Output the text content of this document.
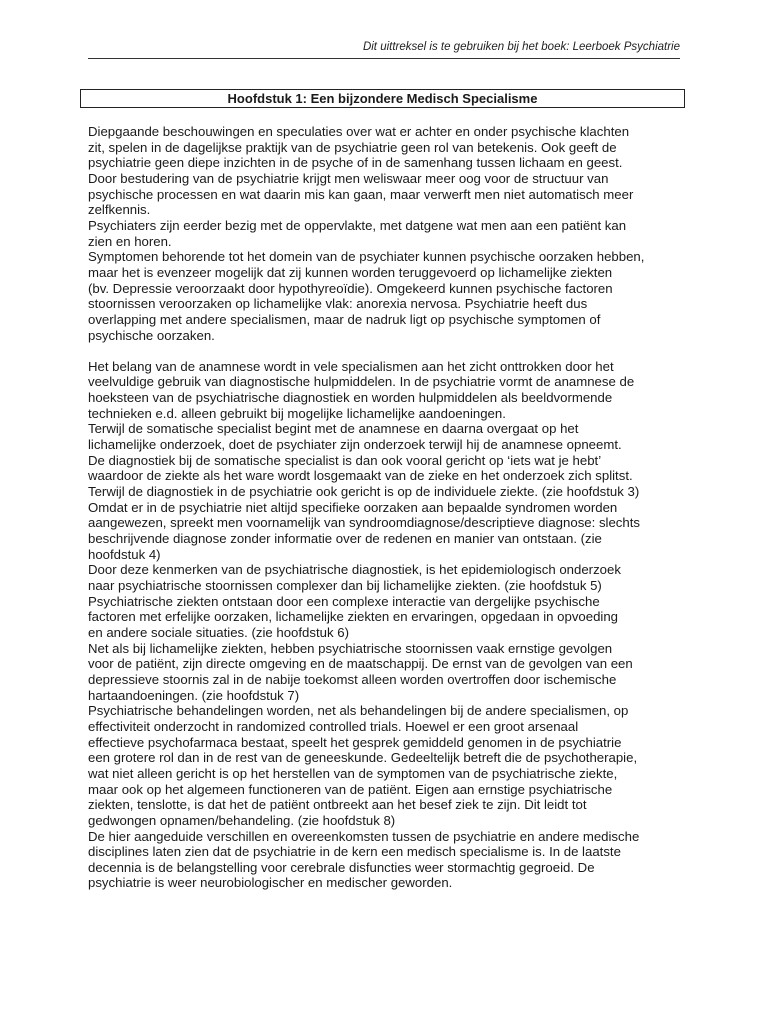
Dit uittreksel is te gebruiken bij het boek: Leerboek Psychiatrie
Hoofdstuk 1: Een bijzondere Medisch Specialisme
Diepgaande beschouwingen en speculaties over wat er achter en onder psychische klachten
zit, spelen in de dagelijkse praktijk van de psychiatrie geen rol van betekenis. Ook geeft de
psychiatrie geen diepe inzichten in de psyche of in de samenhang tussen lichaam en geest.
Door bestudering van de psychiatrie krijgt men weliswaar meer oog voor de structuur van
psychische processen en wat daarin mis kan gaan, maar verwerft men niet automatisch meer
zelfkennis.
Psychiaters zijn eerder bezig met de oppervlakte, met datgene wat men aan een patiënt kan
zien en horen.
Symptomen behorende tot het domein van de psychiater kunnen psychische oorzaken hebben,
maar het is evenzeer mogelijk dat zij kunnen worden teruggevoerd op lichamelijke ziekten
(bv. Depressie veroorzaakt door hypothyreoïdie). Omgekeerd kunnen psychische factoren
stoornissen veroorzaken op lichamelijke vlak: anorexia nervosa. Psychiatrie heeft dus
overlapping met andere specialismen, maar de nadruk ligt op psychische symptomen of
psychische oorzaken.
Het belang van de anamnese wordt in vele specialismen aan het zicht onttrokken door het
veelvuldige gebruik van diagnostische hulpmiddelen. In de psychiatrie vormt de anamnese de
hoeksteen van de psychiatrische diagnostiek en worden hulpmiddelen als beeldvormende
technieken e.d. alleen gebruikt bij mogelijke lichamelijke aandoeningen.
Terwijl de somatische specialist begint met de anamnese en daarna overgaat op het
lichamelijke onderzoek, doet de psychiater zijn onderzoek terwijl hij de anamnese opneemt.
De diagnostiek bij de somatische specialist is dan ook vooral gericht op ‘iets wat je hebt’
waardoor de ziekte als het ware wordt losgemaakt van de zieke en het onderzoek zich splitst.
Terwijl de diagnostiek in de psychiatrie ook gericht is op de individuele ziekte. (zie hoofdstuk 3)
Omdat er in de psychiatrie niet altijd specifieke oorzaken aan bepaalde syndromen worden
aangewezen, spreekt men voornamelijk van syndroomdiagnose/descriptieve diagnose: slechts
beschrijvende diagnose zonder informatie over de redenen en manier van ontstaan. (zie
hoofdstuk 4)
Door deze kenmerken van de psychiatrische diagnostiek, is het epidemiologisch onderzoek
naar psychiatrische stoornissen complexer dan bij lichamelijke ziekten. (zie hoofdstuk 5)
Psychiatrische ziekten ontstaan door een complexe interactie van dergelijke psychische
factoren met erfelijke oorzaken, lichamelijke ziekten en ervaringen, opgedaan in opvoeding
en andere sociale situaties. (zie hoofdstuk 6)
Net als bij lichamelijke ziekten, hebben psychiatrische stoornissen vaak ernstige gevolgen
voor de patiënt, zijn directe omgeving en de maatschappij. De ernst van de gevolgen van een
depressieve stoornis zal in de nabije toekomst alleen worden overtroffen door ischemische
hartaandoeningen. (zie hoofdstuk 7)
Psychiatrische behandelingen worden, net als behandelingen bij de andere specialismen, op
effectiviteit onderzocht in randomized controlled trials. Hoewel er een groot arsenaal
effectieve psychofarmaca bestaat, speelt het gesprek gemiddeld genomen in de psychiatrie
een grotere rol dan in de rest van de geneeskunde. Gedeeltelijk betreft die de psychotherapie,
wat niet alleen gericht is op het herstellen van de symptomen van de psychiatrische ziekte,
maar ook op het algemeen functioneren van de patiënt. Eigen aan ernstige psychiatrische
ziekten, tenslotte, is dat het de patiënt ontbreekt aan het besef ziek te zijn. Dit leidt tot
gedwongen opnamen/behandeling. (zie hoofdstuk 8)
De hier aangeduide verschillen en overeenkomsten tussen de psychiatrie en andere medische
disciplines laten zien dat de psychiatrie in de kern een medisch specialisme is. In de laatste
decennia is de belangstelling voor cerebrale disfuncties weer stormachtig gegroeid. De
psychiatrie is weer neurobiologischer en medischer geworden.
